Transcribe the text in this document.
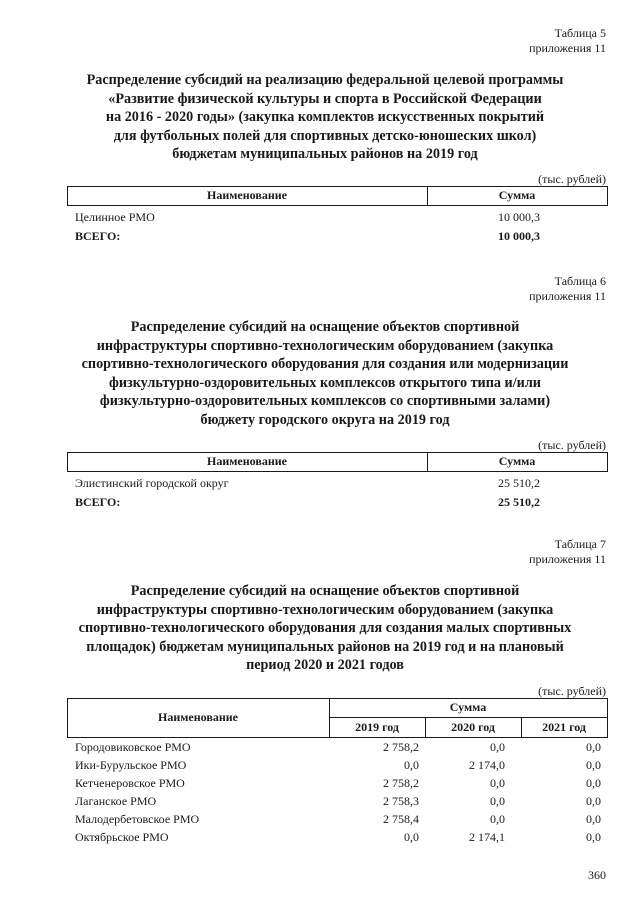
Таблица 5
приложения 11
Распределение субсидий на реализацию федеральной целевой программы
«Развитие физической культуры и спорта в Российской Федерации
на 2016 - 2020 годы» (закупка комплектов искусственных покрытий
для футбольных полей для спортивных детско-юношеских школ)
бюджетам муниципальных районов на 2019 год
(тыс. рублей)
Наименование	Сумма
Целинное РМО	10 000,3
ВСЕГО:	10 000,3
Таблица 6
приложения 11
Распределение субсидий на оснащение объектов спортивной
инфраструктуры спортивно-технологическим оборудованием (закупка
спортивно-технологического оборудования для создания или модернизации
физкультурно-оздоровительных комплексов открытого типа и/или
физкультурно-оздоровительных комплексов со спортивными залами)
бюджету городского округа на 2019 год
(тыс. рублей)
Наименование	Сумма
Элистинский городской округ	25 510,2
ВСЕГО:	25 510,2
Таблица 7
приложения 11
Распределение субсидий на оснащение объектов спортивной
инфраструктуры спортивно-технологическим оборудованием (закупка
спортивно-технологического оборудования для создания малых спортивных
площадок) бюджетам муниципальных районов на 2019 год и на плановый
период 2020 и 2021 годов
(тыс. рублей)
Наименование
Сумма
2019 год	2020 год	2021 год
Городовиковское РМО	2 758,2	0,0	0,0
Ики-Бурульское РМО	0,0	2 174,0	0,0
Кетченеровское РМО	2 758,2	0,0	0,0
Лаганское РМО	2 758,3	0,0	0,0
Малодербетовское РМО	2 758,4	0,0	0,0
Октябрьское РМО	0,0	2 174,1	0,0
360
